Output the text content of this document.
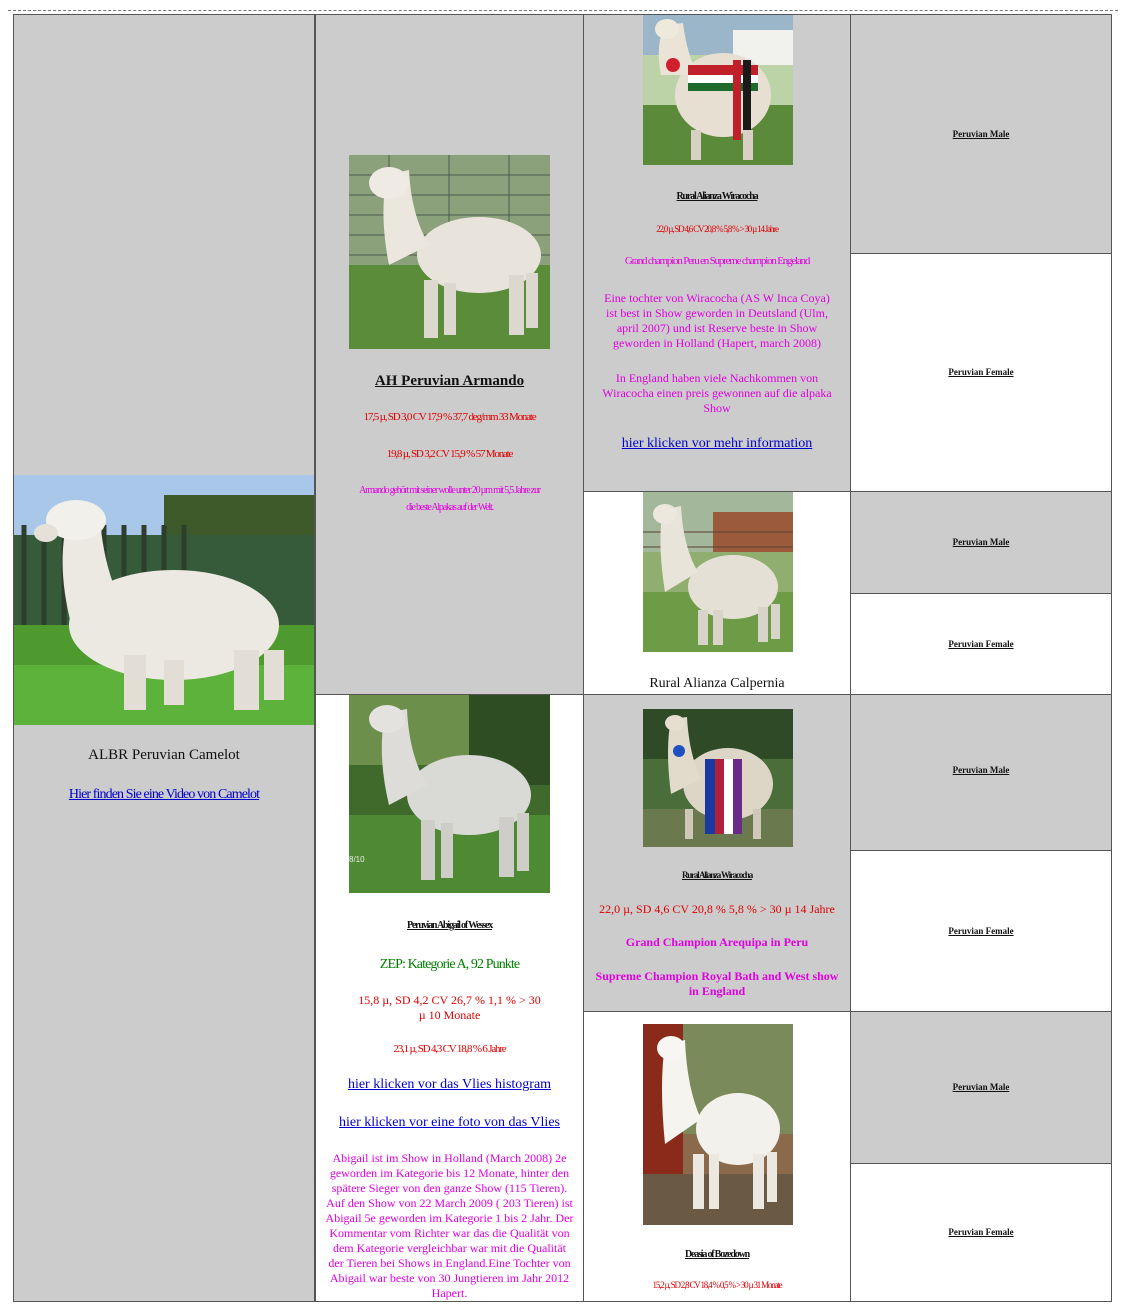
ALBR Peruvian Camelot
Hier finden Sie eine Video von Camelot
AH Peruvian Armando
17,5 µ, SD 3,0 CV 17,9 % 37,7 deg/mm 33 Monate
19,8 µ, SD 3,2 CV 15,9 % 57 Monate
Armando gehört mit seiner wolle unter 20 µm mit 5,5 Jahre zur
die beste Alpakas auf der Welt.
8/10
Peruvian Abigail of Wessex
ZEP: Kategorie A, 92 Punkte
15,8 µ, SD 4,2 CV 26,7 % 1,1 % > 30
µ 10 Monate
23,1 µ, SD 4,3 CV 18,8 % 6 Jahre
hier klicken vor das Vlies histogram
hier klicken vor eine foto von das Vlies
Abigail ist im Show in Holland (March 2008) 2e
geworden im Kategorie bis 12 Monate, hinter den
spätere Sieger von den ganze Show (115 Tieren).
Auf den Show von 22 March 2009 ( 203 Tieren) ist
Abigail 5e geworden im Kategorie 1 bis 2 Jahr. Der
Kommentar vom Richter war das die Qualität von
dem Kategorie vergleichbar war mit die Qualität
der Tieren bei Shows in England.Eine Tochter von
Abigail war beste von 30 Jungtieren im Jahr 2012
Hapert.
Rural Alianza Wiracocha
22,0 µ, SD 4,6 CV 20,8 % 5,8 % > 30 µ 14 Jahre
Grand champion Peru en Supreme champion Engeland
Eine tochter von Wiracocha (AS W Inca Coya)
ist best in Show geworden in Deutsland (Ulm,
april 2007) und ist Reserve beste in Show
geworden in Holland (Hapert, march 2008)
In England haben viele Nachkommen von
Wiracocha einen preis gewonnen auf die alpaka
Show
hier klicken vor mehr information
Rural Alianza Calpernia
Rural Alianza Wiracocha
22,0 µ, SD 4,6 CV 20,8 % 5,8 % > 30 µ 14 Jahre
Grand Champion Arequipa in Peru
Supreme Champion Royal Bath and West show
in England
Deasia of Bozedown
15,2 µ, SD 2,8 CV 18,4 % 0,5 % > 30 µ 31 Monate
Peruvian Male
Peruvian Female
Peruvian Male
Peruvian Female
Peruvian Male
Peruvian Female
Peruvian Male
Peruvian Female
